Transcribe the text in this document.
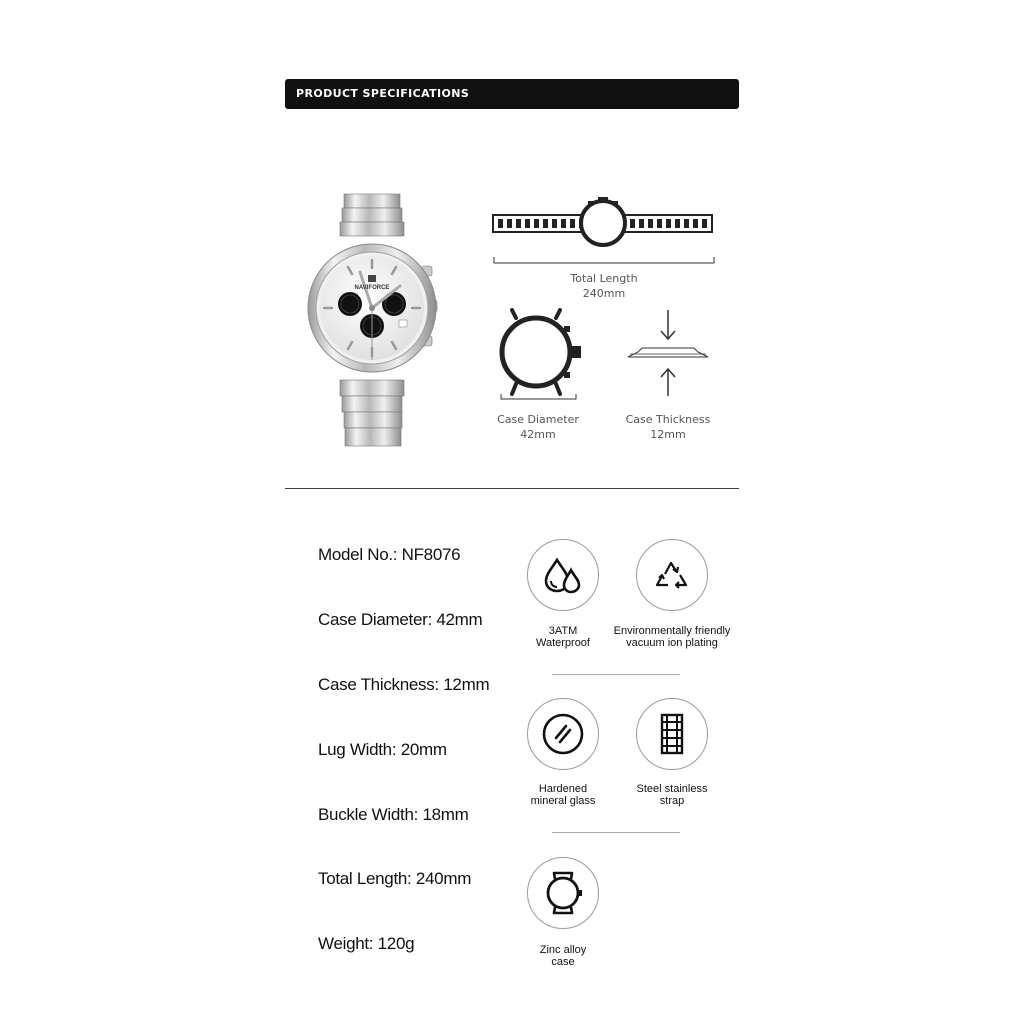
PRODUCT SPECIFICATIONS
NAVIFORCE
Total Length
240mm
Case Diameter
42mm
Case Thickness
12mm
Model No.: NF8076
Case Diameter: 42mm
Case Thickness: 12mm
Lug Width: 20mm
Buckle Width: 18mm
Total Length: 240mm
Weight: 120g
3ATM
Waterproof
Environmentally friendly
vacuum ion plating
Hardened
mineral glass
Steel stainless
strap
Zinc alloy
case
